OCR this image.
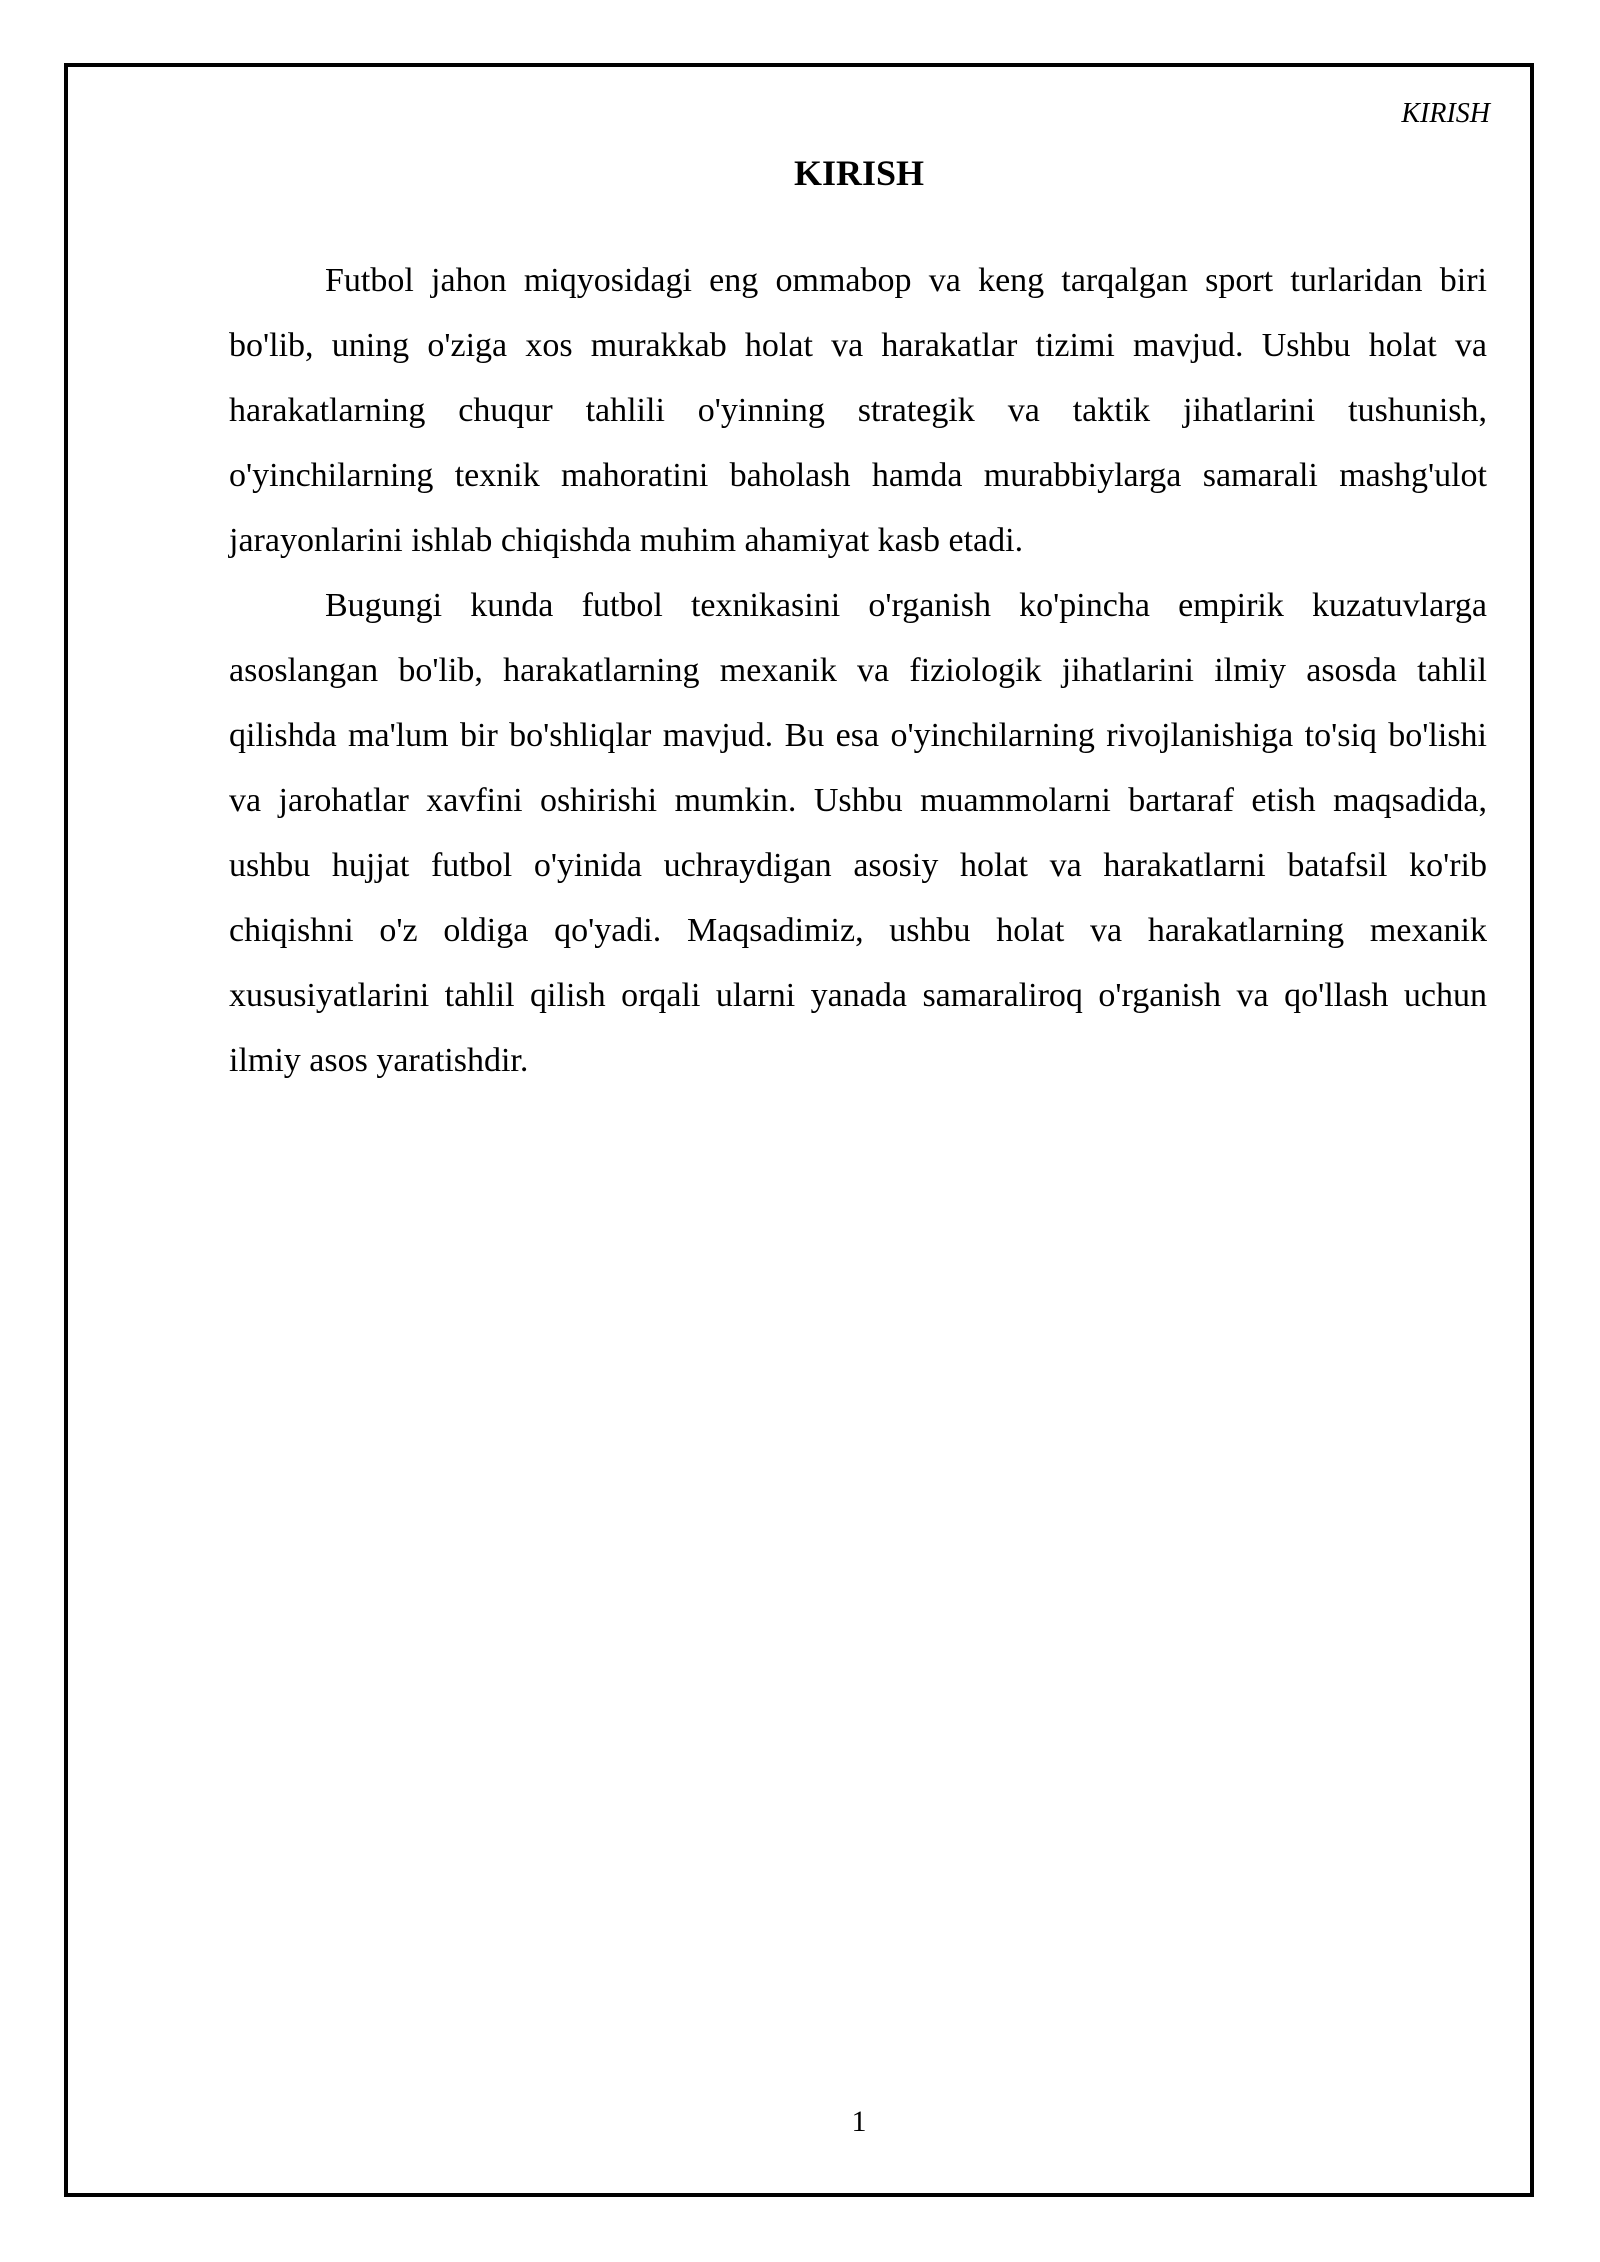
KIRISH
KIRISH

Futbol jahon miqyosidagi eng ommabop va keng tarqalgan sport turlaridan biri bo'lib, uning o'ziga xos murakkab holat va harakatlar tizimi mavjud. Ushbu holat va harakatlarning chuqur tahlili o'yinning strategik va taktik jihatlarini tushunish, o'yinchilarning texnik mahoratini baholash hamda murabbiylarga samarali mashg'ulot jarayonlarini ishlab chiqishda muhim ahamiyat kasb etadi.

Bugungi kunda futbol texnikasini o'rganish ko'pincha empirik kuzatuvlarga asoslangan bo'lib, harakatlarning mexanik va fiziologik jihatlarini ilmiy asosda tahlil qilishda ma'lum bir bo'shliqlar mavjud. Bu esa o'yinchilarning rivojlanishiga to'siq bo'lishi va jarohatlar xavfini oshirishi mumkin. Ushbu muammolarni bartaraf etish maqsadida, ushbu hujjat futbol o'yinida uchraydigan asosiy holat va harakatlarni batafsil ko'rib chiqishni o'z oldiga qo'yadi. Maqsadimiz, ushbu holat va harakatlarning mexanik xususiyatlarini tahlil qilish orqali ularni yanada samaraliroq o'rganish va qo'llash uchun ilmiy asos yaratishdir.

1
